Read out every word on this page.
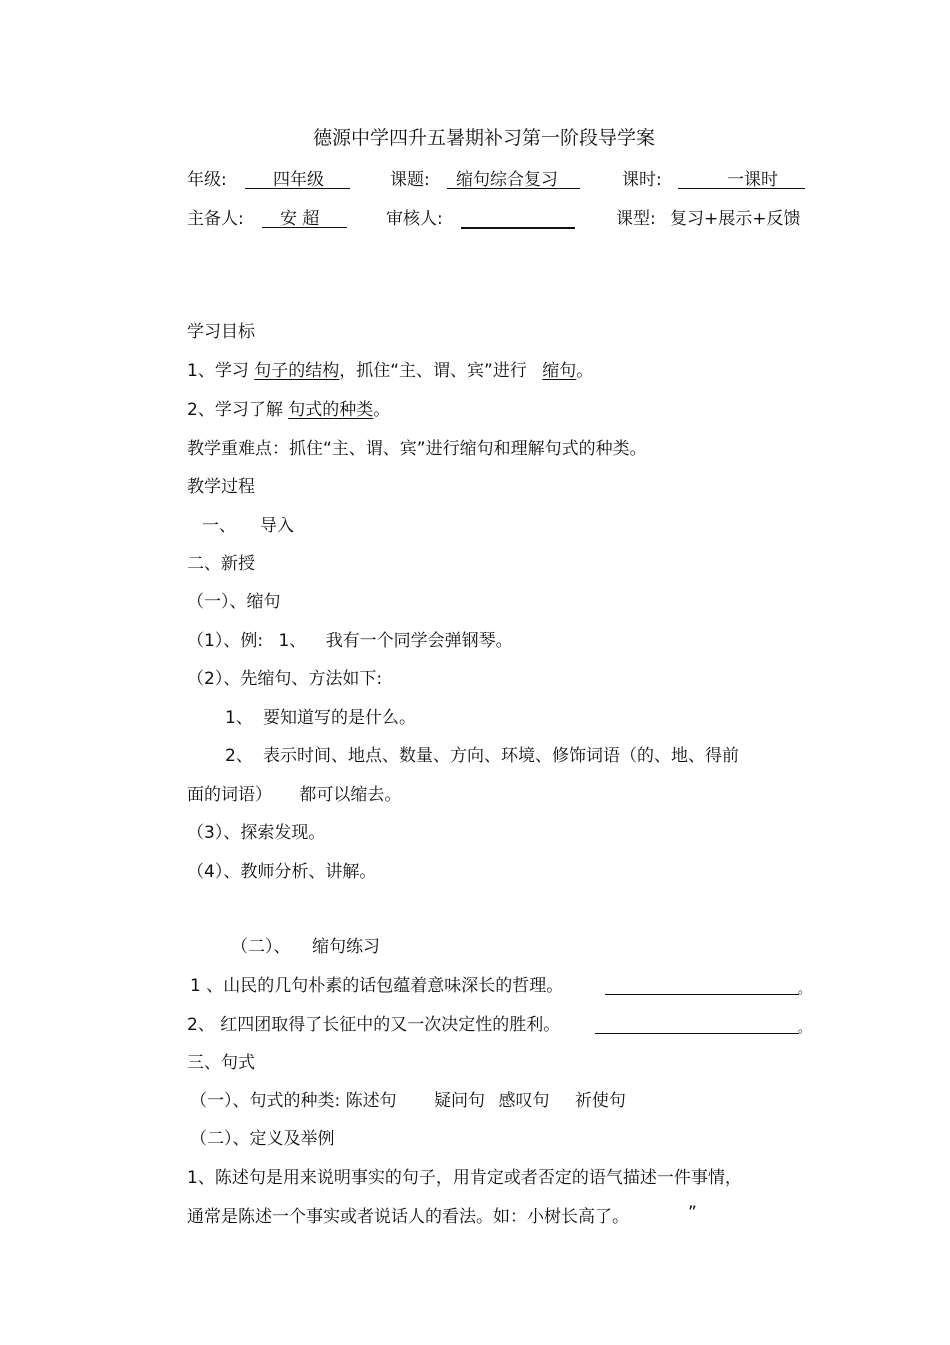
德源中学四升五暑期补习第一阶段导学案
年级:	四年级	课题: 缩句综合复习	课时:	一课时
主备人: 安 超	审核人:	课型: 复习+展示+反馈
学习目标
1、学习 句子的结构，抓住“主、谓、宾”进行 缩句。
2、学习了解 句式的种类。
教学重难点：抓住“主、谓、宾”进行缩句和理解句式的种类。
教学过程
一、 导入
二、新授
（一）、缩句
（1）、例: 1、 我有一个同学会弹钢琴。
（2）、先缩句、方法如下:
1、 要知道写的是什么。
2、 表示时间、地点、数量、方向、环境、修饰词语（的、地、得前
面的词语） 都可以缩去。
（3）、探索发现。
（4）、教师分析、讲解。
（二）、 缩句练习
1 、山民的几句朴素的话包蕴着意味深长的哲理。	。
2、 红四团取得了长征中的又一次决定性的胜利。	。
三、句式
（一）、句式的种类: 陈述句 疑问句 感叹句 祈使句
（二）、定义及举例
1、陈述句是用来说明事实的句子，用肯定或者否定的语气描述一件事情，
通常是陈述一个事实或者说话人的看法。如：小树长高了。	”
